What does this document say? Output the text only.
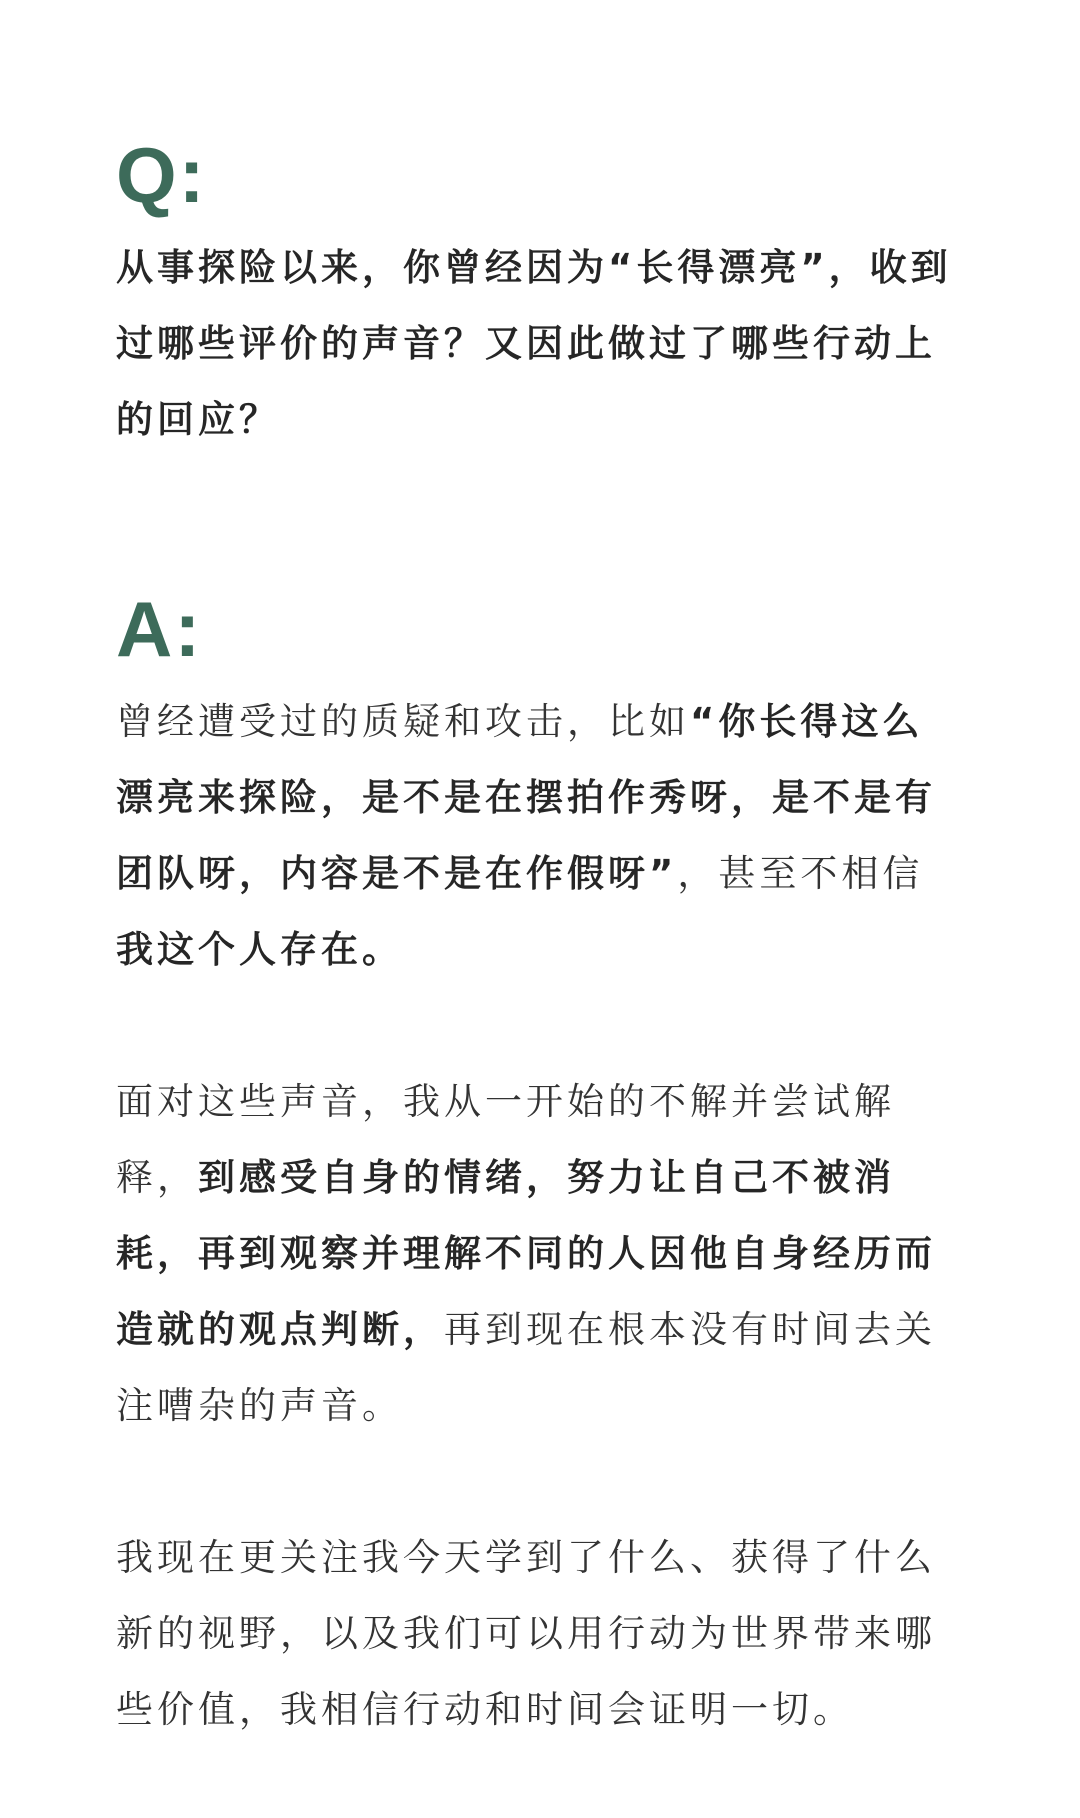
Q:

从事探险以来，你曾经因为“长得漂亮”，收到过哪些评价的声音？又因此做过了哪些行动上的回应？

A:

曾经遭受过的质疑和攻击，比如“你长得这么漂亮来探险，是不是在摆拍作秀呀，是不是有团队呀，内容是不是在作假呀”，甚至不相信我这个人存在。

面对这些声音，我从一开始的不解并尝试解释，到感受自身的情绪，努力让自己不被消耗，再到观察并理解不同的人因他自身经历而造就的观点判断，再到现在根本没有时间去关注嘈杂的声音。

我现在更关注我今天学到了什么、获得了什么新的视野，以及我们可以用行动为世界带来哪些价值，我相信行动和时间会证明一切。
